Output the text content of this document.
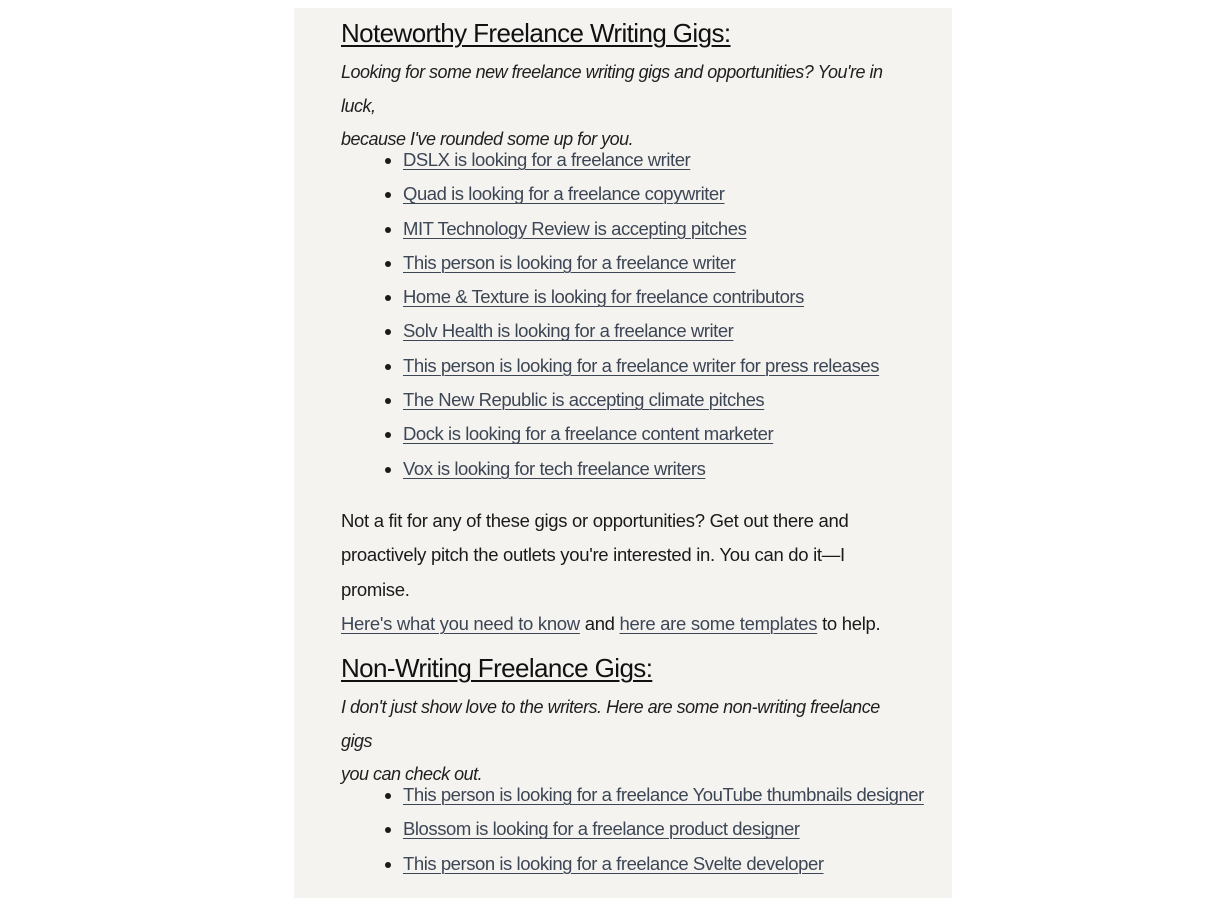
Noteworthy Freelance Writing Gigs:

Looking for some new freelance writing gigs and opportunities? You're in luck,
because I've rounded some up for you.

• DSLX is looking for a freelance writer
• Quad is looking for a freelance copywriter
• MIT Technology Review is accepting pitches
• This person is looking for a freelance writer
• Home & Texture is looking for freelance contributors
• Solv Health is looking for a freelance writer
• This person is looking for a freelance writer for press releases
• The New Republic is accepting climate pitches
• Dock is looking for a freelance content marketer
• Vox is looking for tech freelance writers

Not a fit for any of these gigs or opportunities? Get out there and
proactively pitch the outlets you're interested in. You can do it—I promise.
Here's what you need to know and here are some templates to help.

Non-Writing Freelance Gigs:

I don't just show love to the writers. Here are some non-writing freelance gigs
you can check out.

• This person is looking for a freelance YouTube thumbnails designer
• Blossom is looking for a freelance product designer
• This person is looking for a freelance Svelte developer
